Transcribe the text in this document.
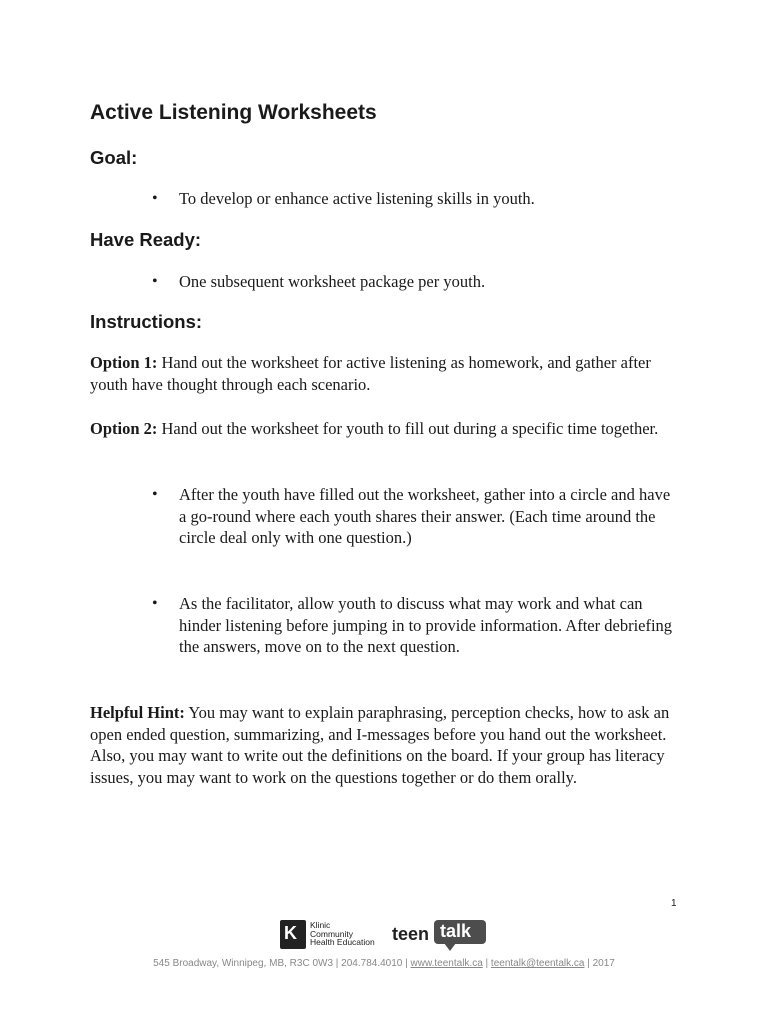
Active Listening Worksheets
Goal:
•	To develop or enhance active listening skills in youth.
Have Ready:
•	One subsequent worksheet package per youth.
Instructions:

Option 1: Hand out the worksheet for active listening as homework, and gather after youth have thought through each scenario.

Option 2: Hand out the worksheet for youth to fill out during a specific time together.

•	After the youth have filled out the worksheet, gather into a circle and have a go-round where each youth shares their answer. (Each time around the circle deal only with one question.)
•	As the facilitator, allow youth to discuss what may work and what can hinder listening before jumping in to provide information. After debriefing the answers, move on to the next question.

Helpful Hint: You may want to explain paraphrasing, perception checks, how to ask an open ended question, summarizing, and I-messages before you hand out the worksheet. Also, you may want to write out the definitions on the board. If your group has literacy issues, you may want to work on the questions together or do them orally.

1
K Klinic
Community
Health Education teen talk
545 Broadway, Winnipeg, MB, R3C 0W3 | 204.784.4010 | www.teentalk.ca | teentalk@teentalk.ca | 2017
